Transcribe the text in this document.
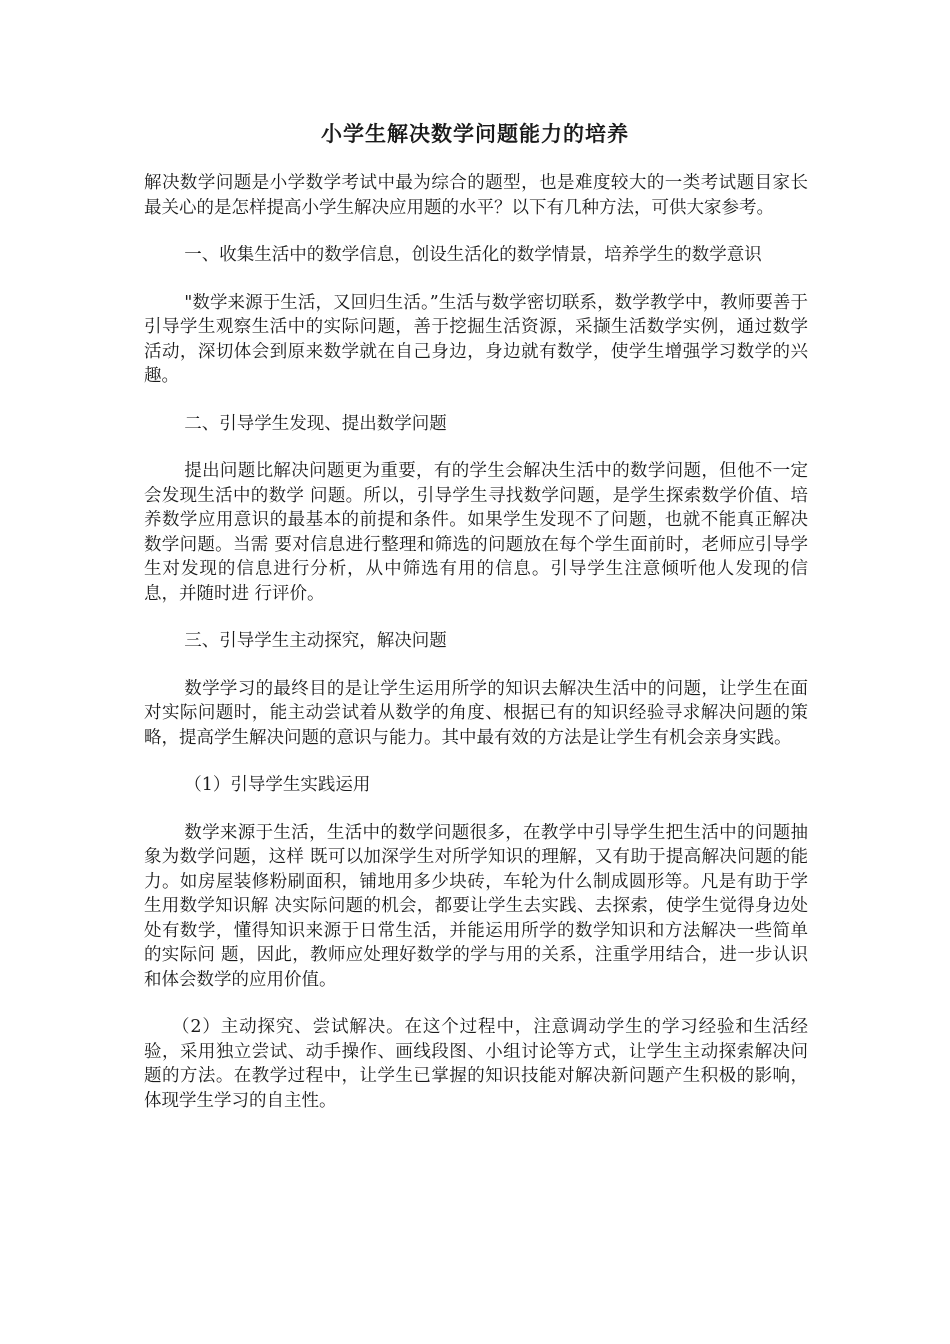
小学生解决数学问题能力的培养

解决数学问题是小学数学考试中最为综合的题型，也是难度较大的一类考试题目家长最关心的是怎样提高小学生解决应用题的水平？以下有几种方法，可供大家参考。

一、收集生活中的数学信息，创设生活化的数学情景，培养学生的数学意识

"数学来源于生活，又回归生活。”生活与数学密切联系，数学教学中，教师要善于引导学生观察生活中的实际问题，善于挖掘生活资源，采撷生活数学实例，通过数学活动，深切体会到原来数学就在自己身边，身边就有数学，使学生增强学习数学的兴趣。

二、引导学生发现、提出数学问题

提出问题比解决问题更为重要，有的学生会解决生活中的数学问题，但他不一定会发现生活中的数学 问题。所以，引导学生寻找数学问题，是学生探索数学价值、培养数学应用意识的最基本的前提和条件。如果学生发现不了问题，也就不能真正解决数学问题。当需 要对信息进行整理和筛选的问题放在每个学生面前时，老师应引导学生对发现的信息进行分析，从中筛选有用的信息。引导学生注意倾听他人发现的信息，并随时进 行评价。

三、引导学生主动探究，解决问题

数学学习的最终目的是让学生运用所学的知识去解决生活中的问题，让学生在面对实际问题时，能主动尝试着从数学的角度、根据已有的知识经验寻求解决问题的策略，提高学生解决问题的意识与能力。其中最有效的方法是让学生有机会亲身实践。

（1）引导学生实践运用

数学来源于生活，生活中的数学问题很多，在教学中引导学生把生活中的问题抽象为数学问题，这样 既可以加深学生对所学知识的理解，又有助于提高解决问题的能力。如房屋装修粉刷面积，铺地用多少块砖，车轮为什么制成圆形等。凡是有助于学生用数学知识解 决实际问题的机会，都要让学生去实践、去探索，使学生觉得身边处处有数学，懂得知识来源于日常生活，并能运用所学的数学知识和方法解决一些简单的实际问 题，因此，教师应处理好数学的学与用的关系，注重学用结合，进一步认识和体会数学的应用价值。

（2）主动探究、尝试解决。在这个过程中，注意调动学生的学习经验和生活经验，采用独立尝试、动手操作、画线段图、小组讨论等方式，让学生主动探索解决问题的方法。在教学过程中，让学生已掌握的知识技能对解决新问题产生积极的影响，体现学生学习的自主性。
